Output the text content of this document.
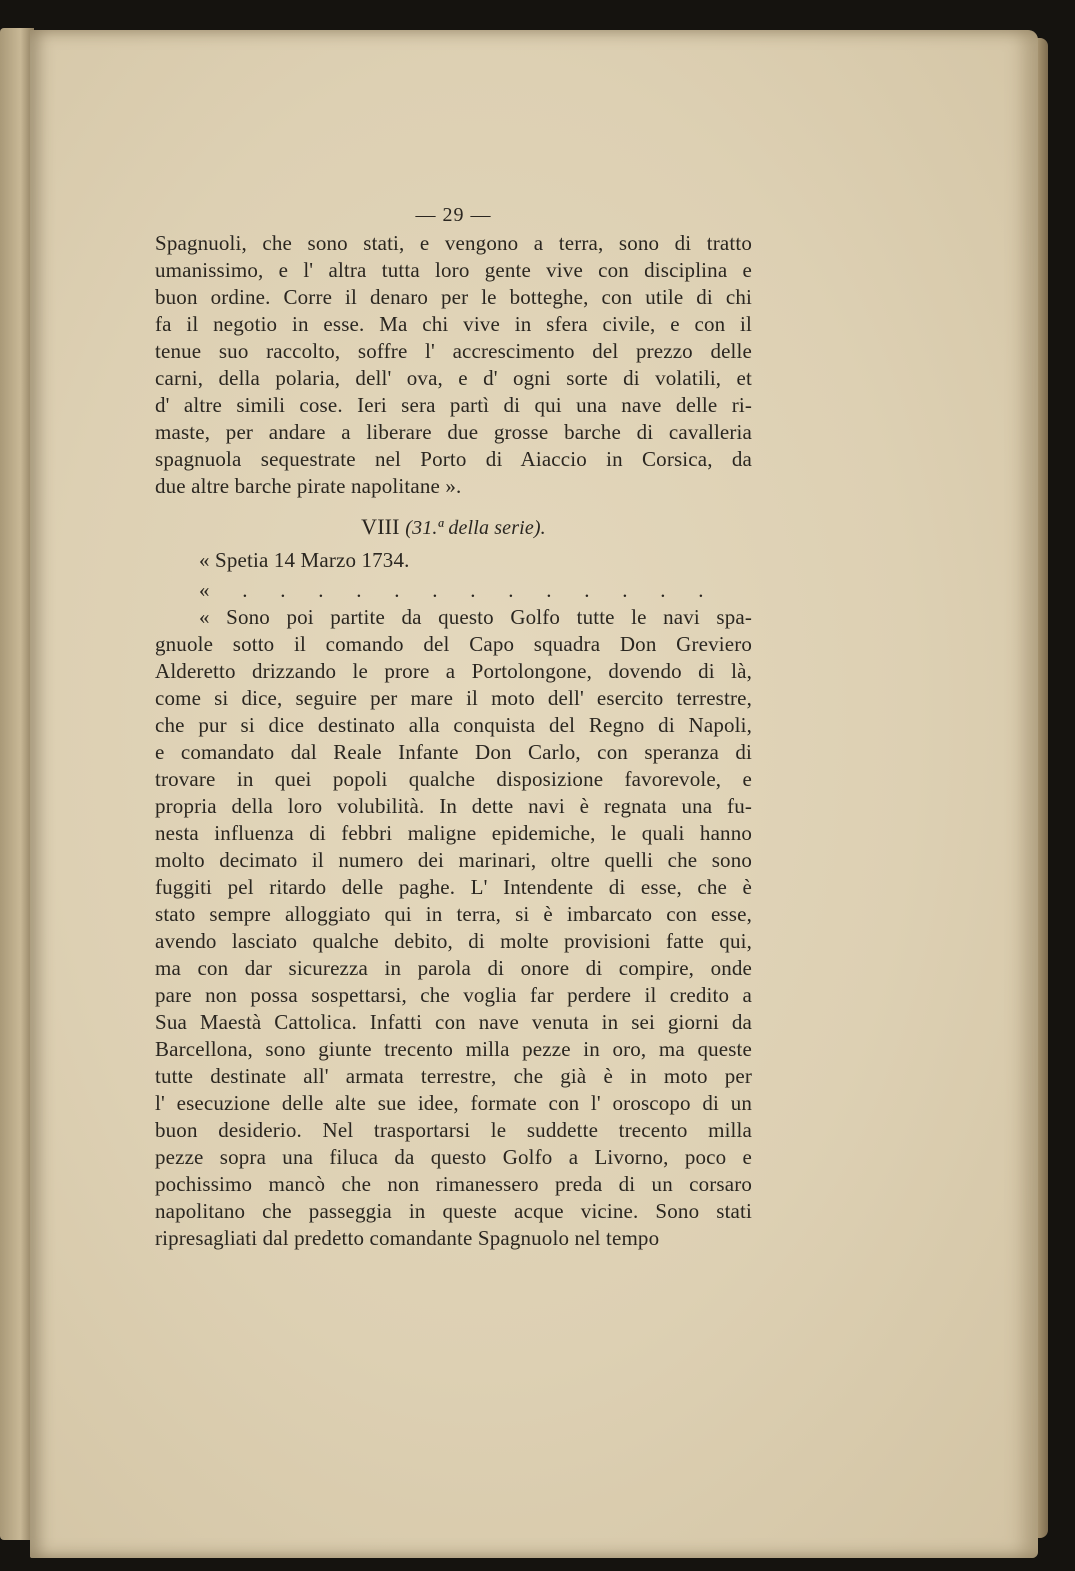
— 29 —
Spagnuoli, che sono stati, e vengono a terra, sono di tratto
umanissimo, e l' altra tutta loro gente vive con disciplina e
buon ordine. Corre il denaro per le botteghe, con utile di chi
fa il negotio in esse. Ma chi vive in sfera civile, e con il
tenue suo raccolto, soffre l' accrescimento del prezzo delle
carni, della polaria, dell' ova, e d' ogni sorte di volatili, et
d' altre simili cose. Ieri sera partì di qui una nave delle ri-
maste, per andare a liberare due grosse barche di cavalleria
spagnuola sequestrate nel Porto di Aiaccio in Corsica, da
due altre barche pirate napolitane ».
VIII (31.ª della serie).
« Spetia 14 Marzo 1734.
« . . . . . . . . . . . . .
« Sono poi partite da questo Golfo tutte le navi spa-
gnuole sotto il comando del Capo squadra Don Greviero
Alderetto drizzando le prore a Portolongone, dovendo di là,
come si dice, seguire per mare il moto dell' esercito terrestre,
che pur si dice destinato alla conquista del Regno di Napoli,
e comandato dal Reale Infante Don Carlo, con speranza di
trovare in quei popoli qualche disposizione favorevole, e
propria della loro volubilità. In dette navi è regnata una fu-
nesta influenza di febbri maligne epidemiche, le quali hanno
molto decimato il numero dei marinari, oltre quelli che sono
fuggiti pel ritardo delle paghe. L' Intendente di esse, che è
stato sempre alloggiato qui in terra, si è imbarcato con esse,
avendo lasciato qualche debito, di molte provisioni fatte qui,
ma con dar sicurezza in parola di onore di compire, onde
pare non possa sospettarsi, che voglia far perdere il credito a
Sua Maestà Cattolica. Infatti con nave venuta in sei giorni da
Barcellona, sono giunte trecento milla pezze in oro, ma queste
tutte destinate all' armata terrestre, che già è in moto per
l' esecuzione delle alte sue idee, formate con l' oroscopo di un
buon desiderio. Nel trasportarsi le suddette trecento milla
pezze sopra una filuca da questo Golfo a Livorno, poco e
pochissimo mancò che non rimanessero preda di un corsaro
napolitano che passeggia in queste acque vicine. Sono stati
ripresagliati dal predetto comandante Spagnuolo nel tempo
